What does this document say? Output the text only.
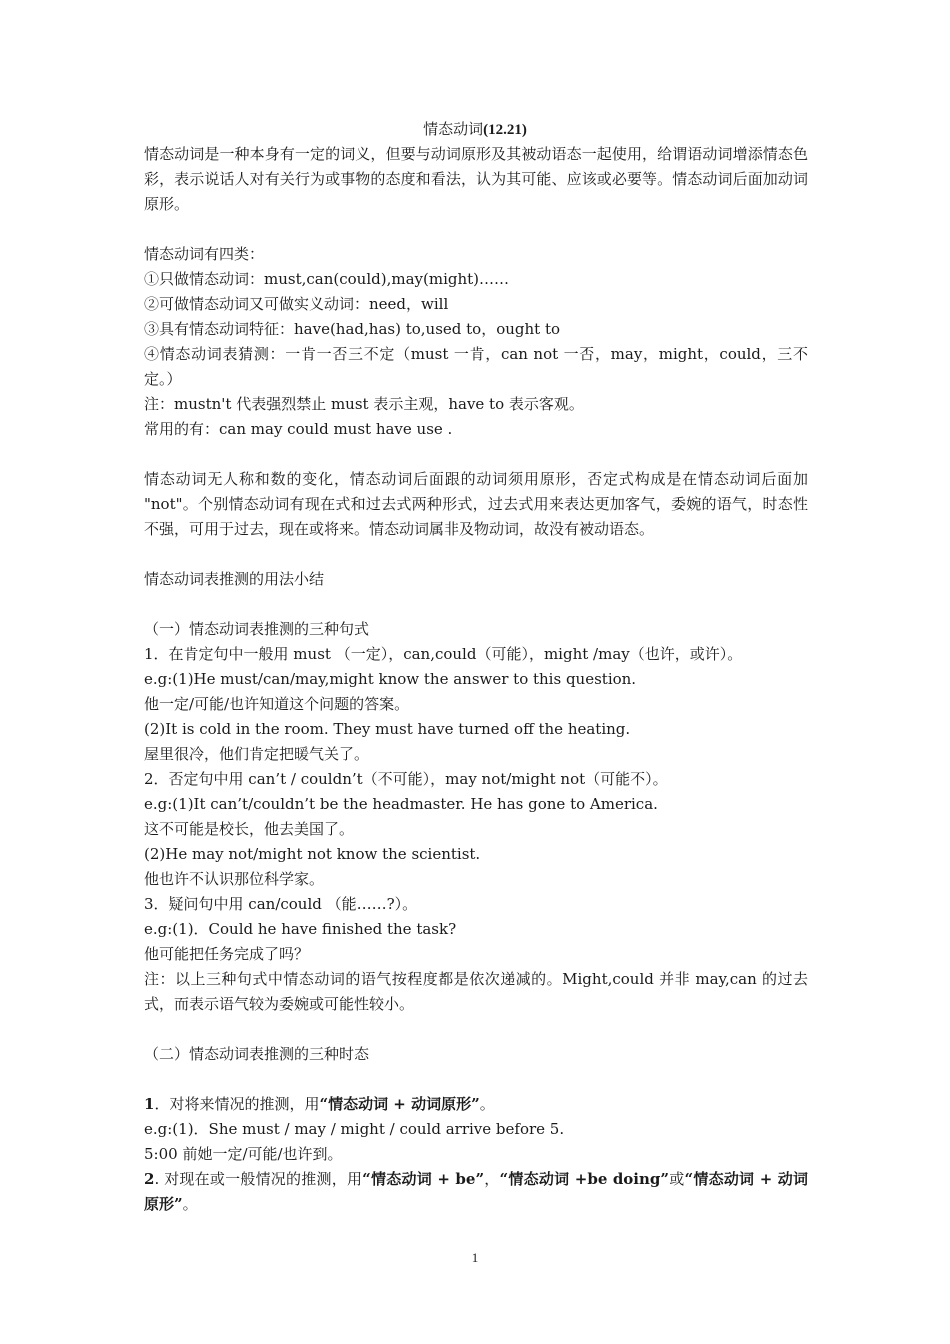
情态动词(12.21)

情态动词是一种本身有一定的词义，但要与动词原形及其被动语态一起使用，给谓语动词增添情态色彩，表示说话人对有关行为或事物的态度和看法，认为其可能、应该或必要等。情态动词后面加动词原形。

情态动词有四类：

①只做情态动词：must,can(could),may(might)……

②可做情态动词又可做实义动词：need，will

③具有情态动词特征：have(had,has) to,used to，ought to

④情态动词表猜测：一肯一否三不定（must 一肯，can not 一否，may，might，could，三不定。）

注：mustn't 代表强烈禁止 must 表示主观，have to 表示客观。

常用的有：can may could must have use .

情态动词无人称和数的变化，情态动词后面跟的动词须用原形，否定式构成是在情态动词后面加 "not"。个别情态动词有现在式和过去式两种形式，过去式用来表达更加客气，委婉的语气，时态性不强，可用于过去，现在或将来。情态动词属非及物动词，故没有被动语态。

情态动词表推测的用法小结

（一）情态动词表推测的三种句式

1．在肯定句中一般用 must （一定），can,could（可能），might /may（也许，或许）。

e.g:(1)He must/can/may,might know the answer to this question.

他一定/可能/也许知道这个问题的答案。

(2)It is cold in the room. They must have turned off the heating.

屋里很冷，他们肯定把暖气关了。

2．否定句中用 can’t / couldn’t（不可能），may not/might not（可能不）。

e.g:(1)It can’t/couldn’t be the headmaster. He has gone to America.

这不可能是校长，他去美国了。

(2)He may not/might not know the scientist.

他也许不认识那位科学家。

3．疑问句中用 can/could （能……?）。

e.g:(1)．Could he have finished the task?

他可能把任务完成了吗？

注：以上三种句式中情态动词的语气按程度都是依次递减的。Might,could 并非 may,can 的过去式，而表示语气较为委婉或可能性较小。

（二）情态动词表推测的三种时态

1．对将来情况的推测，用“情态动词 + 动词原形”。

e.g:(1)．She must / may / might / could arrive before 5.

5:00 前她一定/可能/也许到。

2. 对现在或一般情况的推测，用“情态动词 + be”，“情态动词 +be doing”或“情态动词 + 动词原形”。

1
